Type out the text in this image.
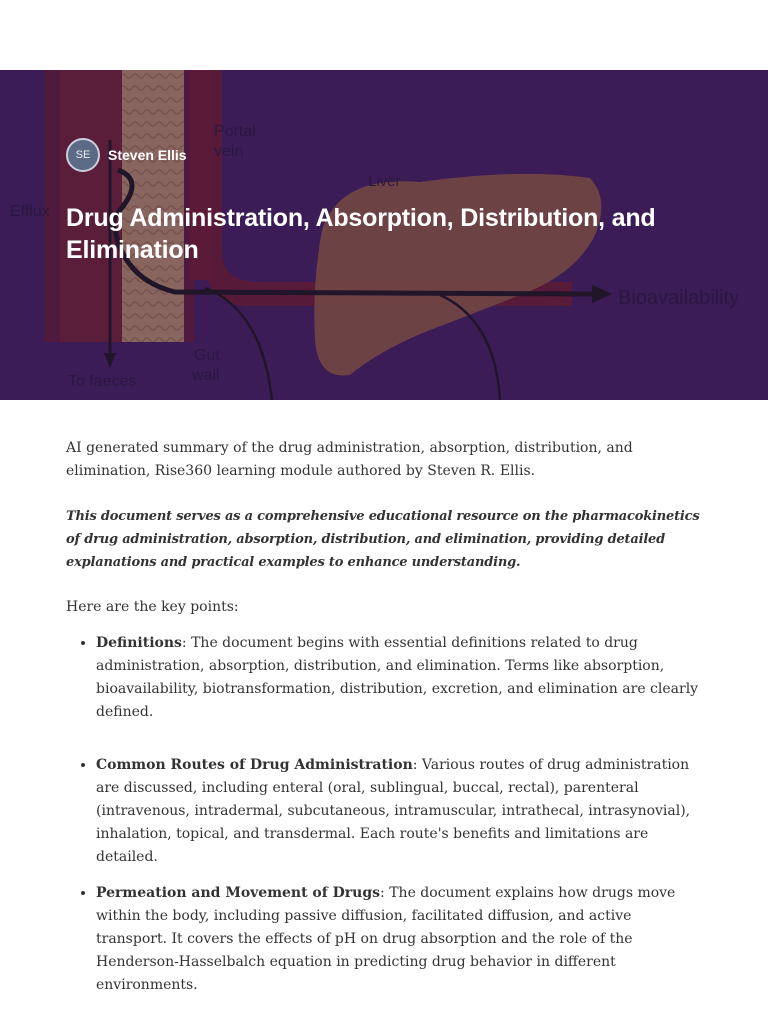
Portal
vein
Liver
Efflux
Bioavailability
Gut
wall
To faeces
SE	Steven Ellis
Drug Administration, Absorption, Distribution, and Elimination

AI generated summary of the drug administration, absorption, distribution, and elimination, Rise360 learning module authored by Steven R. Ellis.

This document serves as a comprehensive educational resource on the pharmacokinetics of drug administration, absorption, distribution, and elimination, providing detailed explanations and practical examples to enhance understanding.

Here are the key points:

• Definitions: The document begins with essential definitions related to drug administration, absorption, distribution, and elimination. Terms like absorption, bioavailability, biotransformation, distribution, excretion, and elimination are clearly defined.
• Common Routes of Drug Administration: Various routes of drug administration are discussed, including enteral (oral, sublingual, buccal, rectal), parenteral (intravenous, intradermal, subcutaneous, intramuscular, intrathecal, intrasynovial), inhalation, topical, and transdermal. Each route's benefits and limitations are detailed.
• Permeation and Movement of Drugs: The document explains how drugs move within the body, including passive diffusion, facilitated diffusion, and active transport. It covers the effects of pH on drug absorption and the role of the Henderson-Hasselbalch equation in predicting drug behavior in different environments.
